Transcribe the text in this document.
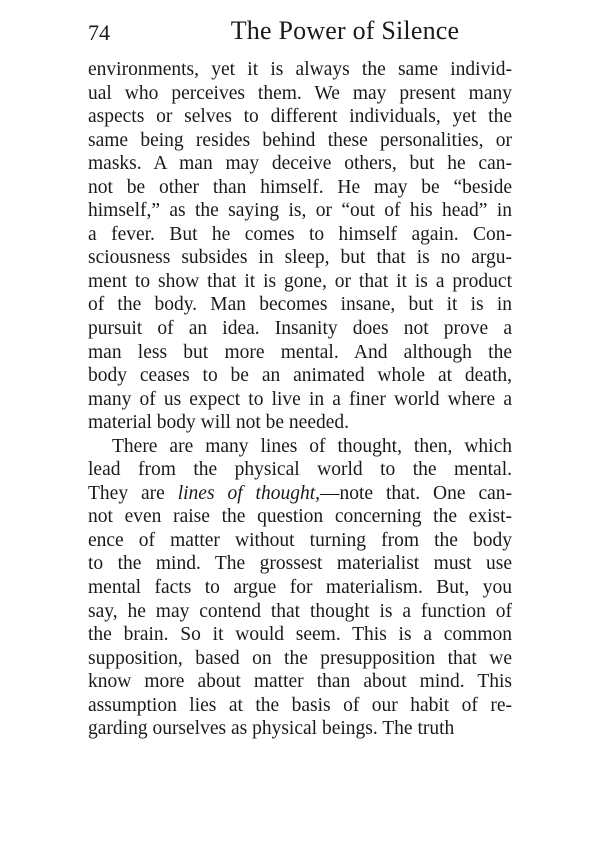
74	The Power of Silence
environments, yet it is always the same individ-
ual who perceives them. We may present many
aspects or selves to different individuals, yet the
same being resides behind these personalities, or
masks. A man may deceive others, but he can-
not be other than himself. He may be “beside
himself,” as the saying is, or “out of his head” in
a fever. But he comes to himself again. Con-
sciousness subsides in sleep, but that is no argu-
ment to show that it is gone, or that it is a product
of the body. Man becomes insane, but it is in
pursuit of an idea. Insanity does not prove a
man less but more mental. And although the
body ceases to be an animated whole at death,
many of us expect to live in a finer world where a
material body will not be needed.
There are many lines of thought, then, which
lead from the physical world to the mental.
They are lines of thought,—note that. One can-
not even raise the question concerning the exist-
ence of matter without turning from the body
to the mind. The grossest materialist must use
mental facts to argue for materialism. But, you
say, he may contend that thought is a function of
the brain. So it would seem. This is a common
supposition, based on the presupposition that we
know more about matter than about mind. This
assumption lies at the basis of our habit of re-
garding ourselves as physical beings. The truth
